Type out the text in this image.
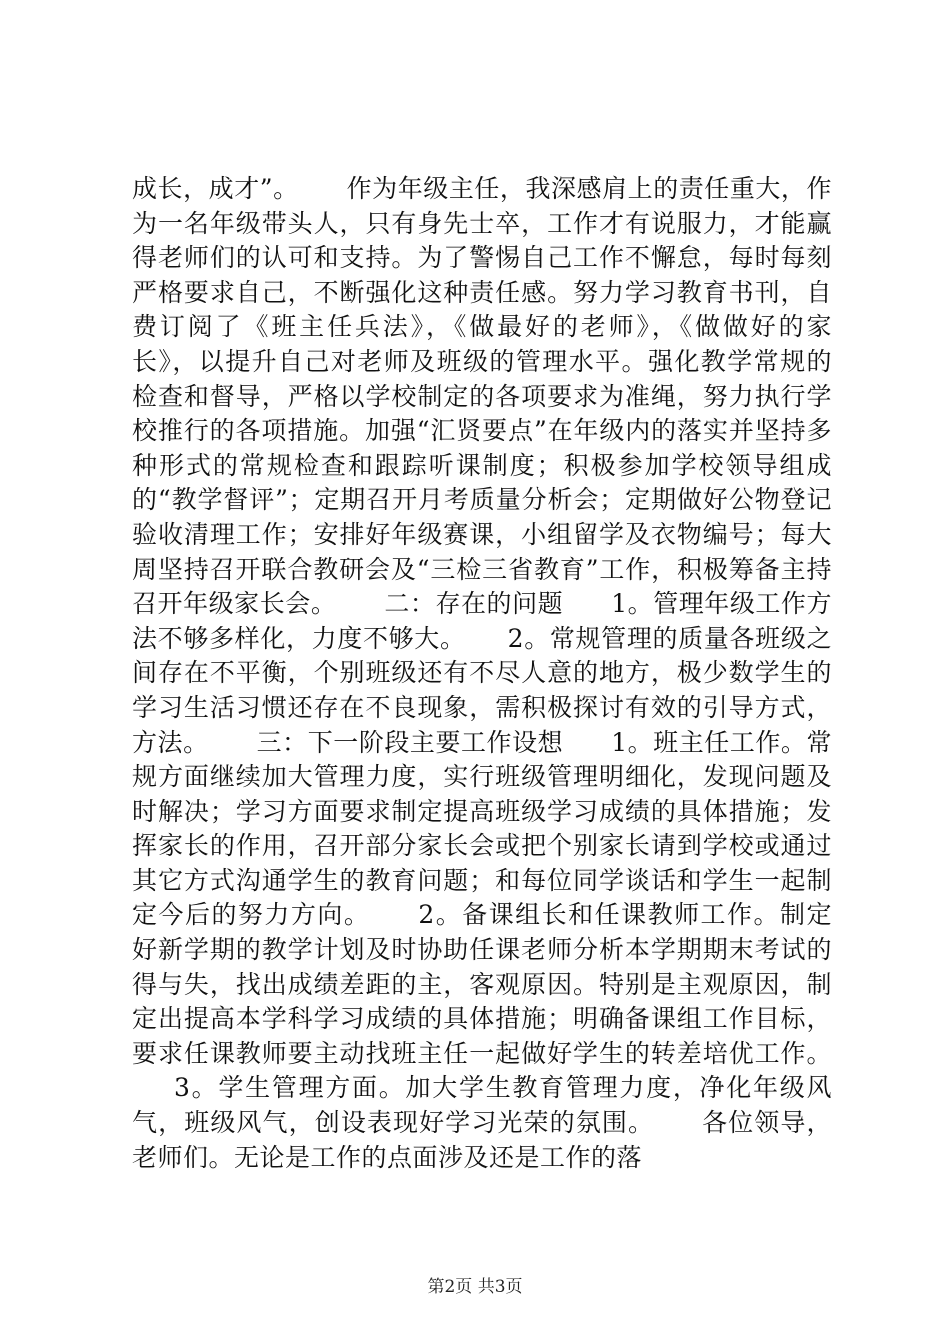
成长，成才”。 作为年级主任，我深感肩上的责任重大，作为一名年级带头人，只有身先士卒，工作才有说服力，才能赢得老师们的认可和支持。为了警惕自己工作不懈怠，每时每刻严格要求自己，不断强化这种责任感。努力学习教育书刊，自费订阅了《班主任兵法》，《做最好的老师》，《做做好的家长》，以提升自己对老师及班级的管理水平。强化教学常规的检查和督导，严格以学校制定的各项要求为准绳，努力执行学校推行的各项措施。加强“汇贤要点”在年级内的落实并坚持多种形式的常规检查和跟踪听课制度；积极参加学校领导组成的“教学督评”；定期召开月考质量分析会；定期做好公物登记验收清理工作；安排好年级赛课，小组留学及衣物编号；每大周坚持召开联合教研会及“三检三省教育”工作，积极筹备主持召开年级家长会。 二：存在的问题 1。管理年级工作方法不够多样化，力度不够大。 2。常规管理的质量各班级之间存在不平衡，个别班级还有不尽人意的地方，极少数学生的学习生活习惯还存在不良现象，需积极探讨有效的引导方式，方法。 三：下一阶段主要工作设想 1。班主任工作。常规方面继续加大管理力度，实行班级管理明细化，发现问题及时解决；学习方面要求制定提高班级学习成绩的具体措施；发挥家长的作用，召开部分家长会或把个别家长请到学校或通过其它方式沟通学生的教育问题；和每位同学谈话和学生一起制定今后的努力方向。 2。备课组长和任课教师工作。制定好新学期的教学计划及时协助任课老师分析本学期期末考试的得与失，找出成绩差距的主，客观原因。特别是主观原因，制定出提高本学科学习成绩的具体措施；明确备课组工作目标，要求任课教师要主动找班主任一起做好学生的转差培优工作。3。学生管理方面。加大学生教育管理力度，净化年级风气，班级风气，创设表现好学习光荣的氛围。 各位领导，老师们。无论是工作的点面涉及还是工作的落
第2页 共3页
